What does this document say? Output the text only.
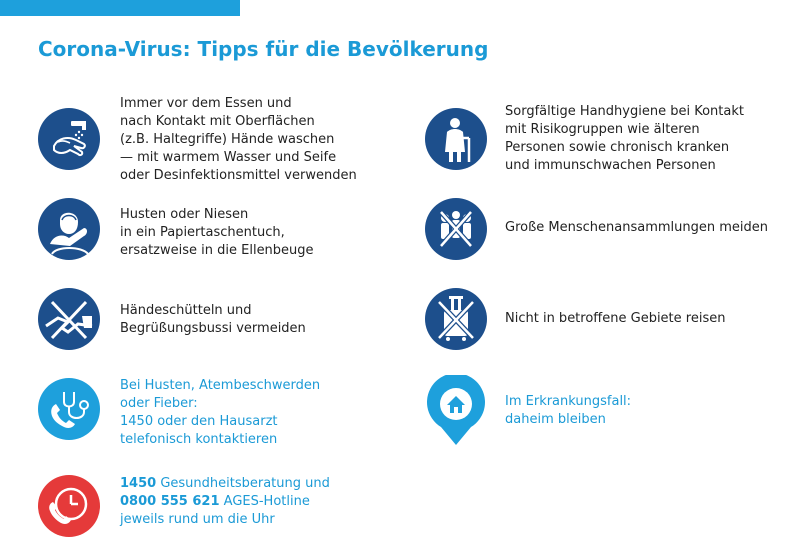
Corona-Virus: Tipps für die Bevölkerung
Immer vor dem Essen und
nach Kontakt mit Oberflächen
(z.B. Haltegriffe) Hände waschen
— mit warmem Wasser und Seife
oder Desinfektionsmittel verwenden
Husten oder Niesen
in ein Papiertaschentuch,
ersatzweise in die Ellenbeuge
Händeschütteln und
Begrüßungsbussi vermeiden
Bei Husten, Atembeschwerden
oder Fieber:
1450 oder den Hausarzt
telefonisch kontaktieren
1450 Gesundheitsberatung und
0800 555 621 AGES-Hotline
jeweils rund um die Uhr
Sorgfältige Handhygiene bei Kontakt
mit Risikogruppen wie älteren
Personen sowie chronisch kranken
und immunschwachen Personen
Große Menschenansammlungen meiden
Nicht in betroffene Gebiete reisen
Im Erkrankungsfall:
daheim bleiben
